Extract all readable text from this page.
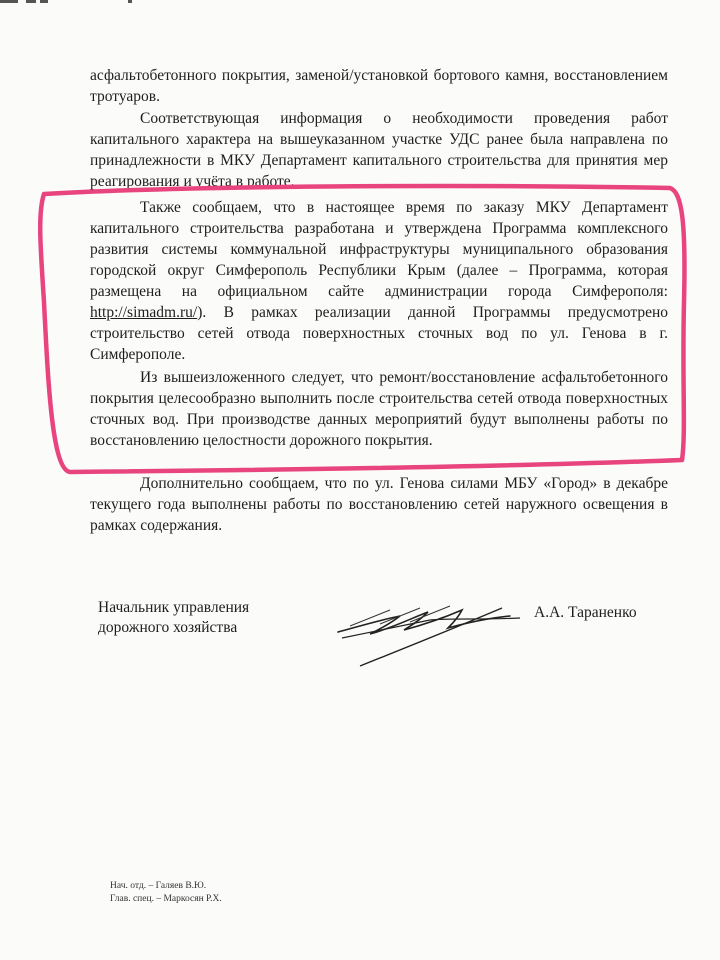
асфальтобетонного покрытия, заменой/установкой бортового камня, восстановлением тротуаров.

Соответствующая информация о необходимости проведения работ капитального характера на вышеуказанном участке УДС ранее была направлена по принадлежности в МКУ Департамент капитального строительства для принятия мер реагирования и учёта в работе.

Также сообщаем, что в настоящее время по заказу МКУ Департамент капитального строительства разработана и утверждена Программа комплексного развития системы коммунальной инфраструктуры муниципального образования городской округ Симферополь Республики Крым (далее – Программа, которая размещена на официальном сайте администрации города Симферополя: http://simadm.ru/). В рамках реализации данной Программы предусмотрено строительство сетей отвода поверхностных сточных вод по ул. Генова в г. Симферополе.

Из вышеизложенного следует, что ремонт/восстановление асфальтобетонного покрытия целесообразно выполнить после строительства сетей отвода поверхностных сточных вод. При производстве данных мероприятий будут выполнены работы по восстановлению целостности дорожного покрытия.

Дополнительно сообщаем, что по ул. Генова силами МБУ «Город» в декабре текущего года выполнены работы по восстановлению сетей наружного освещения в рамках содержания.

Начальник управления
дорожного хозяйства
А.А. Тараненко
Нач. отд. – Галяев В.Ю.
Глав. спец. – Маркосян Р.Х.
